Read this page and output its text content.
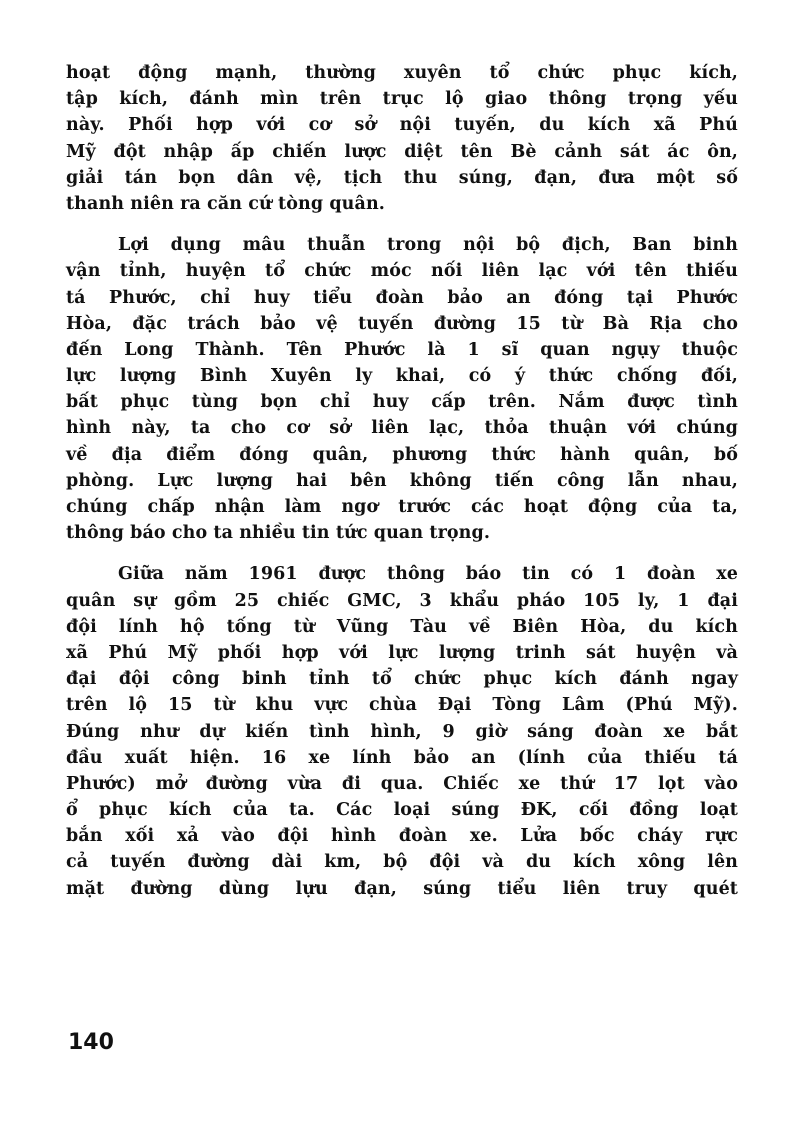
hoạt động mạnh, thường xuyên tổ chức phục kích,
tập kích, đánh mìn trên trục lộ giao thông trọng yếu
này. Phối hợp với cơ sở nội tuyến, du kích xã Phú
Mỹ đột nhập ấp chiến lược diệt tên Bè cảnh sát ác ôn,
giải tán bọn dân vệ, tịch thu súng, đạn, đưa một số
thanh niên ra căn cứ tòng quân.
Lợi dụng mâu thuẫn trong nội bộ địch, Ban binh
vận tỉnh, huyện tổ chức móc nối liên lạc với tên thiếu
tá Phước, chỉ huy tiểu đoàn bảo an đóng tại Phước
Hòa, đặc trách bảo vệ tuyến đường 15 từ Bà Rịa cho
đến Long Thành. Tên Phước là 1 sĩ quan ngụy thuộc
lực lượng Bình Xuyên ly khai, có ý thức chống đối,
bất phục tùng bọn chỉ huy cấp trên. Nắm được tình
hình này, ta cho cơ sở liên lạc, thỏa thuận với chúng
về địa điểm đóng quân, phương thức hành quân, bố
phòng. Lực lượng hai bên không tiến công lẫn nhau,
chúng chấp nhận làm ngơ trước các hoạt động của ta,
thông báo cho ta nhiều tin tức quan trọng.
Giữa năm 1961 được thông báo tin có 1 đoàn xe
quân sự gồm 25 chiếc GMC, 3 khẩu pháo 105 ly, 1 đại
đội lính hộ tống từ Vũng Tàu về Biên Hòa, du kích
xã Phú Mỹ phối hợp với lực lượng trinh sát huyện và
đại đội công binh tỉnh tổ chức phục kích đánh ngay
trên lộ 15 từ khu vực chùa Đại Tòng Lâm (Phú Mỹ).
Đúng như dự kiến tình hình, 9 giờ sáng đoàn xe bắt
đầu xuất hiện. 16 xe lính bảo an (lính của thiếu tá
Phước) mở đường vừa đi qua. Chiếc xe thứ 17 lọt vào
ổ phục kích của ta. Các loại súng ĐK, cối đồng loạt
bắn xối xả vào đội hình đoàn xe. Lửa bốc cháy rực
cả tuyến đường dài km, bộ đội và du kích xông lên
mặt đường dùng lựu đạn, súng tiểu liên truy quét
140
